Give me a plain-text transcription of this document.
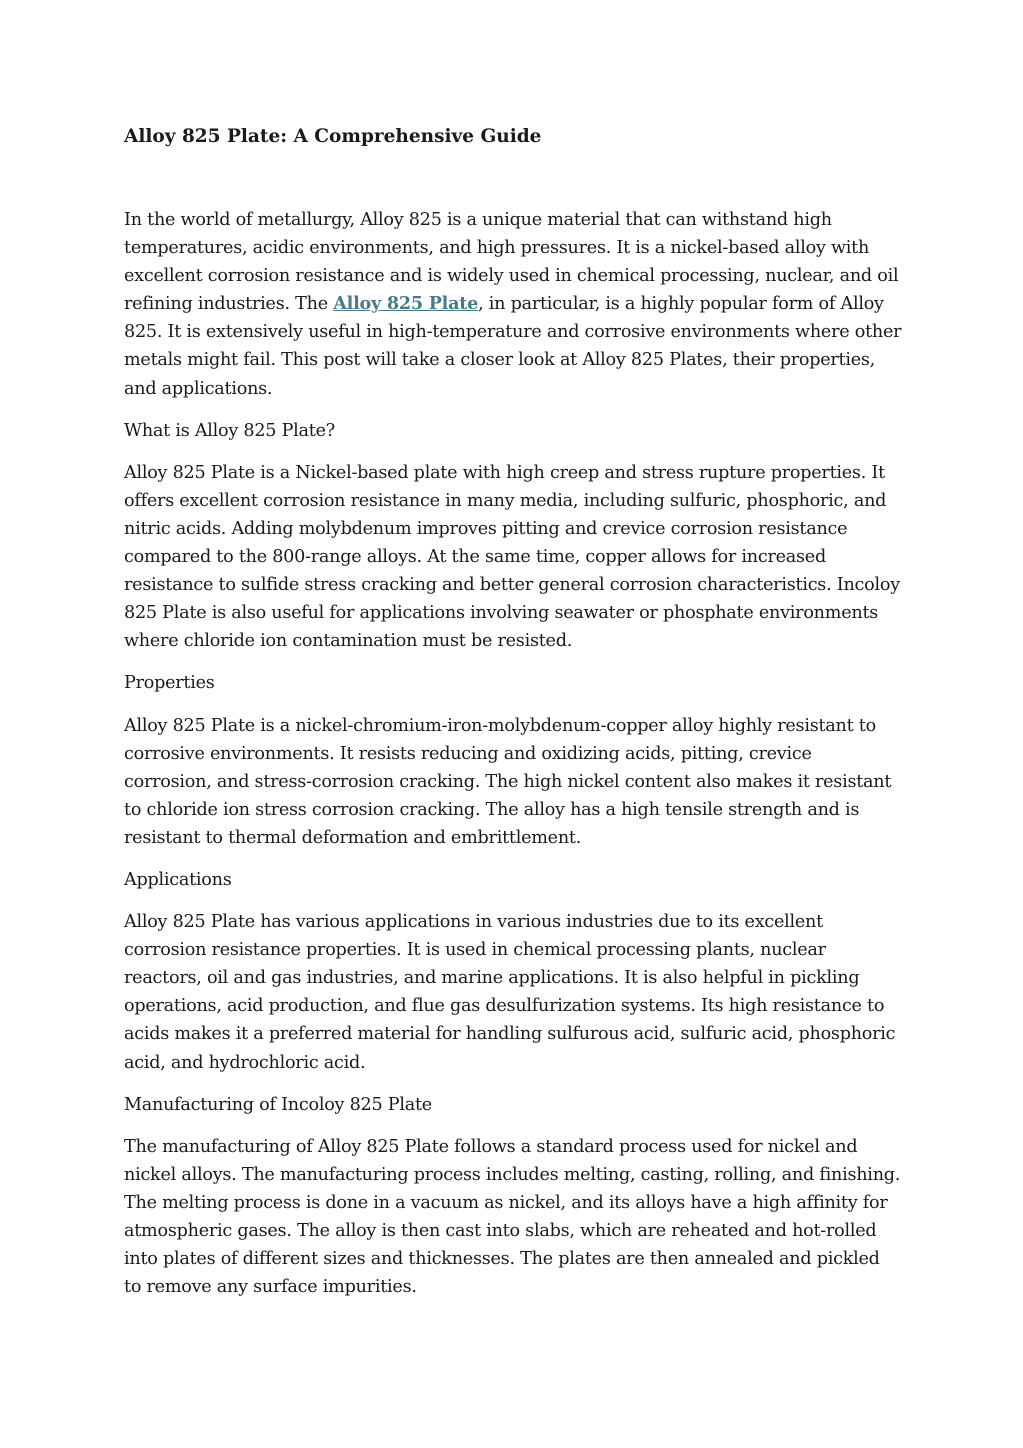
Alloy 825 Plate: A Comprehensive Guide

In the world of metallurgy, Alloy 825 is a unique material that can withstand high temperatures, acidic environments, and high pressures. It is a nickel-based alloy with excellent corrosion resistance and is widely used in chemical processing, nuclear, and oil refining industries. The Alloy 825 Plate, in particular, is a highly popular form of Alloy 825. It is extensively useful in high-temperature and corrosive environments where other metals might fail. This post will take a closer look at Alloy 825 Plates, their properties, and applications.

What is Alloy 825 Plate?

Alloy 825 Plate is a Nickel-based plate with high creep and stress rupture properties. It offers excellent corrosion resistance in many media, including sulfuric, phosphoric, and nitric acids. Adding molybdenum improves pitting and crevice corrosion resistance compared to the 800-range alloys. At the same time, copper allows for increased resistance to sulfide stress cracking and better general corrosion characteristics. Incoloy 825 Plate is also useful for applications involving seawater or phosphate environments where chloride ion contamination must be resisted.

Properties

Alloy 825 Plate is a nickel-chromium-iron-molybdenum-copper alloy highly resistant to corrosive environments. It resists reducing and oxidizing acids, pitting, crevice corrosion, and stress-corrosion cracking. The high nickel content also makes it resistant to chloride ion stress corrosion cracking. The alloy has a high tensile strength and is resistant to thermal deformation and embrittlement.

Applications

Alloy 825 Plate has various applications in various industries due to its excellent corrosion resistance properties. It is used in chemical processing plants, nuclear reactors, oil and gas industries, and marine applications. It is also helpful in pickling operations, acid production, and flue gas desulfurization systems. Its high resistance to acids makes it a preferred material for handling sulfurous acid, sulfuric acid, phosphoric acid, and hydrochloric acid.

Manufacturing of Incoloy 825 Plate

The manufacturing of Alloy 825 Plate follows a standard process used for nickel and nickel alloys. The manufacturing process includes melting, casting, rolling, and finishing. The melting process is done in a vacuum as nickel, and its alloys have a high affinity for atmospheric gases. The alloy is then cast into slabs, which are reheated and hot-rolled into plates of different sizes and thicknesses. The plates are then annealed and pickled to remove any surface impurities.
